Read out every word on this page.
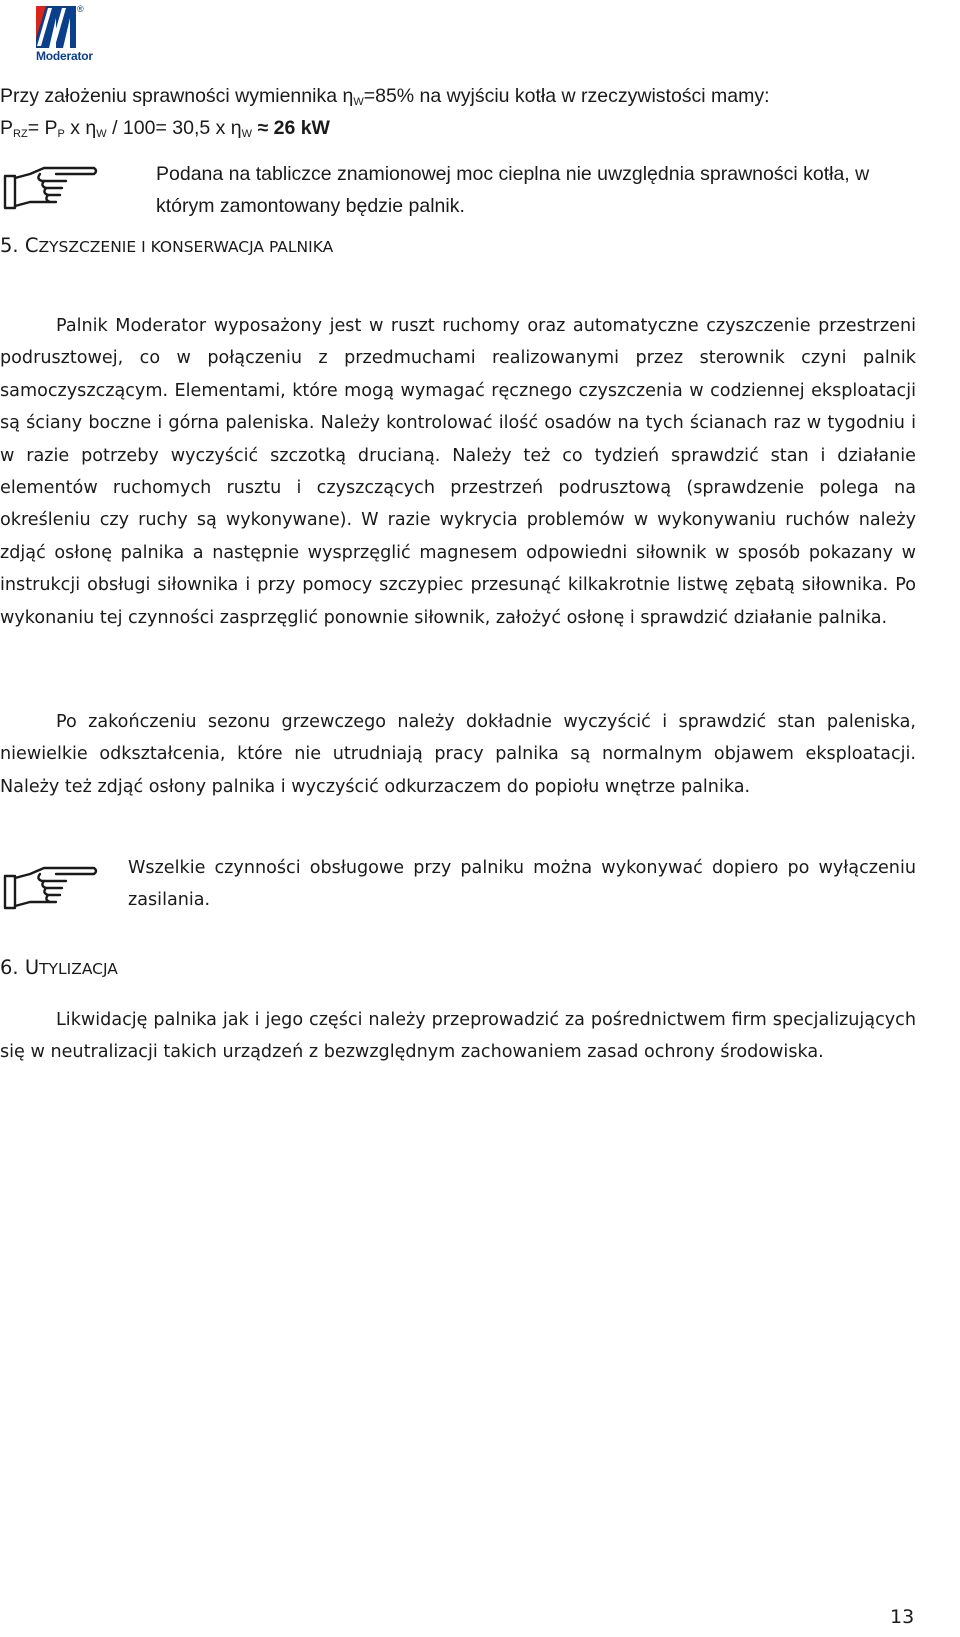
®
Moderator
Przy założeniu sprawności wymiennika $\eta_W=85\%$ na wyjściu kotła w rzeczywistości mamy:
$P_{RZ}= P_P$ x $\eta_W / 100= 30,5$ x $\eta_W \approx 26$ kW
Podana na tabliczce znamionowej moc cieplna nie uwzględnia sprawności kotła, w którym zamontowany będzie palnik.
5. CZYSZCZENIE I KONSERWACJA PALNIKA
Palnik Moderator wyposażony jest w ruszt ruchomy oraz automatyczne czyszczenie przestrzeni podrusztowej, co w połączeniu z przedmuchami realizowanymi przez sterownik czyni palnik samoczyszczącym. Elementami, które mogą wymagać ręcznego czyszczenia w codziennej eksploatacji są ściany boczne i górna paleniska. Należy kontrolować ilość osadów na tych ścianach raz w tygodniu i w razie potrzeby wyczyścić szczotką drucianą. Należy też co tydzień sprawdzić stan i działanie elementów ruchomych rusztu i czyszczących przestrzeń podrusztową (sprawdzenie polega na określeniu czy ruchy są wykonywane). W razie wykrycia problemów w wykonywaniu ruchów należy zdjąć osłonę palnika a następnie wysprzęglić magnesem odpowiedni siłownik w sposób pokazany w instrukcji obsługi siłownika i przy pomocy szczypiec przesunąć kilkakrotnie listwę zębatą siłownika. Po wykonaniu tej czynności zasprzęglić ponownie siłownik, założyć osłonę i sprawdzić działanie palnika.
Po zakończeniu sezonu grzewczego należy dokładnie wyczyścić i sprawdzić stan paleniska, niewielkie odkształcenia, które nie utrudniają pracy palnika są normalnym objawem eksploatacji. Należy też zdjąć osłony palnika i wyczyścić odkurzaczem do popiołu wnętrze palnika.
Wszelkie czynności obsługowe przy palniku można wykonywać dopiero po wyłączeniu zasilania.
6. UTYLIZACJA
Likwidację palnika jak i jego części należy przeprowadzić za pośrednictwem firm specjalizujących się w neutralizacji takich urządzeń z bezwzględnym zachowaniem zasad ochrony środowiska.
13
